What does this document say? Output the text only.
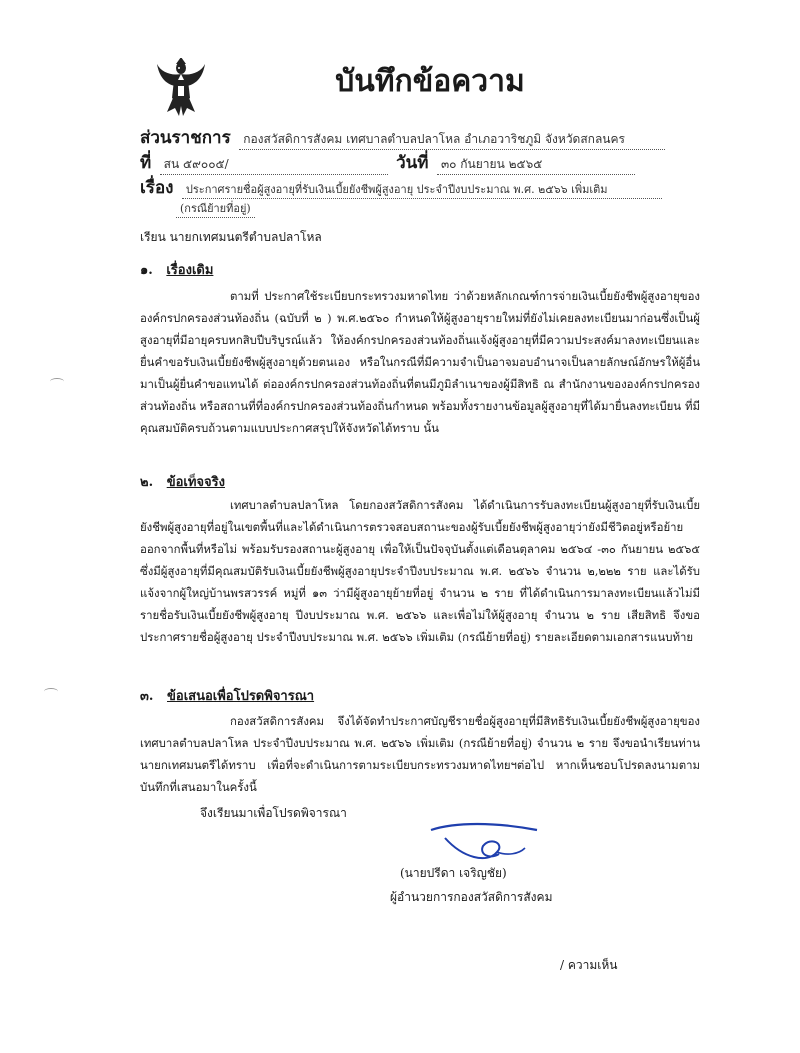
บันทึกข้อความ
ส่วนราชการ กองสวัสดิการสังคม เทศบาลตำบลปลาโหล อำเภอวาริชภูมิ จังหวัดสกลนคร
ที่ สน ๕๙๐๐๕/	วันที่ ๓๐ กันยายน ๒๕๖๕
เรื่อง ประกาศรายชื่อผู้สูงอายุที่รับเงินเบี้ยยังชีพผู้สูงอายุ ประจำปีงบประมาณ พ.ศ. ๒๕๖๖ เพิ่มเติม
(กรณีย้ายที่อยู่)
เรียน นายกเทศมนตรีตำบลปลาโหล
๑. เรื่องเดิม

ตามที่ ประกาศใช้ระเบียบกระทรวงมหาดไทย ว่าด้วยหลักเกณฑ์การจ่ายเงินเบี้ยยังชีพผู้สูงอายุขององค์กรปกครองส่วนท้องถิ่น (ฉบับที่ ๒ ) พ.ศ.๒๕๖๐ กำหนดให้ผู้สูงอายุรายใหม่ที่ยังไม่เคยลงทะเบียนมาก่อนซึ่งเป็นผู้สูงอายุที่มีอายุครบหกสิบปีบริบูรณ์แล้ว ให้องค์กรปกครองส่วนท้องถิ่นแจ้งผู้สูงอายุที่มีความประสงค์มาลงทะเบียนและยื่นคำขอรับเงินเบี้ยยังชีพผู้สูงอายุด้วยตนเอง หรือในกรณีที่มีความจำเป็นอาจมอบอำนาจเป็นลายลักษณ์อักษรให้ผู้อื่นมาเป็นผู้ยื่นคำขอแทนได้ ต่อองค์กรปกครองส่วนท้องถิ่นที่ตนมีภูมิลำเนาของผู้มีสิทธิ ณ สำนักงานขององค์กรปกครองส่วนท้องถิ่น หรือสถานที่ที่องค์กรปกครองส่วนท้องถิ่นกำหนด พร้อมทั้งรายงานข้อมูลผู้สูงอายุที่ได้มายื่นลงทะเบียน ที่มีคุณสมบัติครบถ้วนตามแบบประกาศสรุปให้จังหวัดได้ทราบ นั้น

๒. ข้อเท็จจริง

เทศบาลตำบลปลาโหล โดยกองสวัสดิการสังคม ได้ดำเนินการรับลงทะเบียนผู้สูงอายุที่รับเงินเบี้ยยังชีพผู้สูงอายุที่อยู่ในเขตพื้นที่และได้ดำเนินการตรวจสอบสถานะของผู้รับเบี้ยยังชีพผู้สูงอายุว่ายังมีชีวิตอยู่หรือย้ายออกจากพื้นที่หรือไม่ พร้อมรับรองสถานะผู้สูงอายุ เพื่อให้เป็นปัจจุบันตั้งแต่เดือนตุลาคม ๒๕๖๔ -๓๐ กันยายน ๒๕๖๕ ซึ่งมีผู้สูงอายุที่มีคุณสมบัติรับเงินเบี้ยยังชีพผู้สูงอายุประจำปีงบประมาณ พ.ศ. ๒๕๖๖ จำนวน ๒,๒๒๒ ราย และได้รับแจ้งจากผู้ใหญ่บ้านพรสวรรค์ หมู่ที่ ๑๓ ว่ามีผู้สูงอายุย้ายที่อยู่ จำนวน ๒ ราย ที่ได้ดำเนินการมาลงทะเบียนแล้วไม่มีรายชื่อรับเงินเบี้ยยังชีพผู้สูงอายุ ปีงบประมาณ พ.ศ. ๒๕๖๖ และเพื่อไม่ให้ผู้สูงอายุ จำนวน ๒ ราย เสียสิทธิ จึงขอประกาศรายชื่อผู้สูงอายุ ประจำปีงบประมาณ พ.ศ. ๒๕๖๖ เพิ่มเติม (กรณีย้ายที่อยู่) รายละเอียดตามเอกสารแนบท้าย

๓. ข้อเสนอเพื่อโปรดพิจารณา

กองสวัสดิการสังคม จึงได้จัดทำประกาศบัญชีรายชื่อผู้สูงอายุที่มีสิทธิรับเงินเบี้ยยังชีพผู้สูงอายุของเทศบาลตำบลปลาโหล ประจำปีงบประมาณ พ.ศ. ๒๕๖๖ เพิ่มเติม (กรณีย้ายที่อยู่) จำนวน ๒ ราย จึงขอนำเรียนท่านนายกเทศมนตรีได้ทราบ เพื่อที่จะดำเนินการตามระเบียบกระทรวงมหาดไทยฯต่อไป หากเห็นชอบโปรดลงนามตามบันทึกที่เสนอมาในครั้งนี้

จึงเรียนมาเพื่อโปรดพิจารณา
(นายปรีดา เจริญชัย)
ผู้อำนวยการกองสวัสดิการสังคม
/ ความเห็น
